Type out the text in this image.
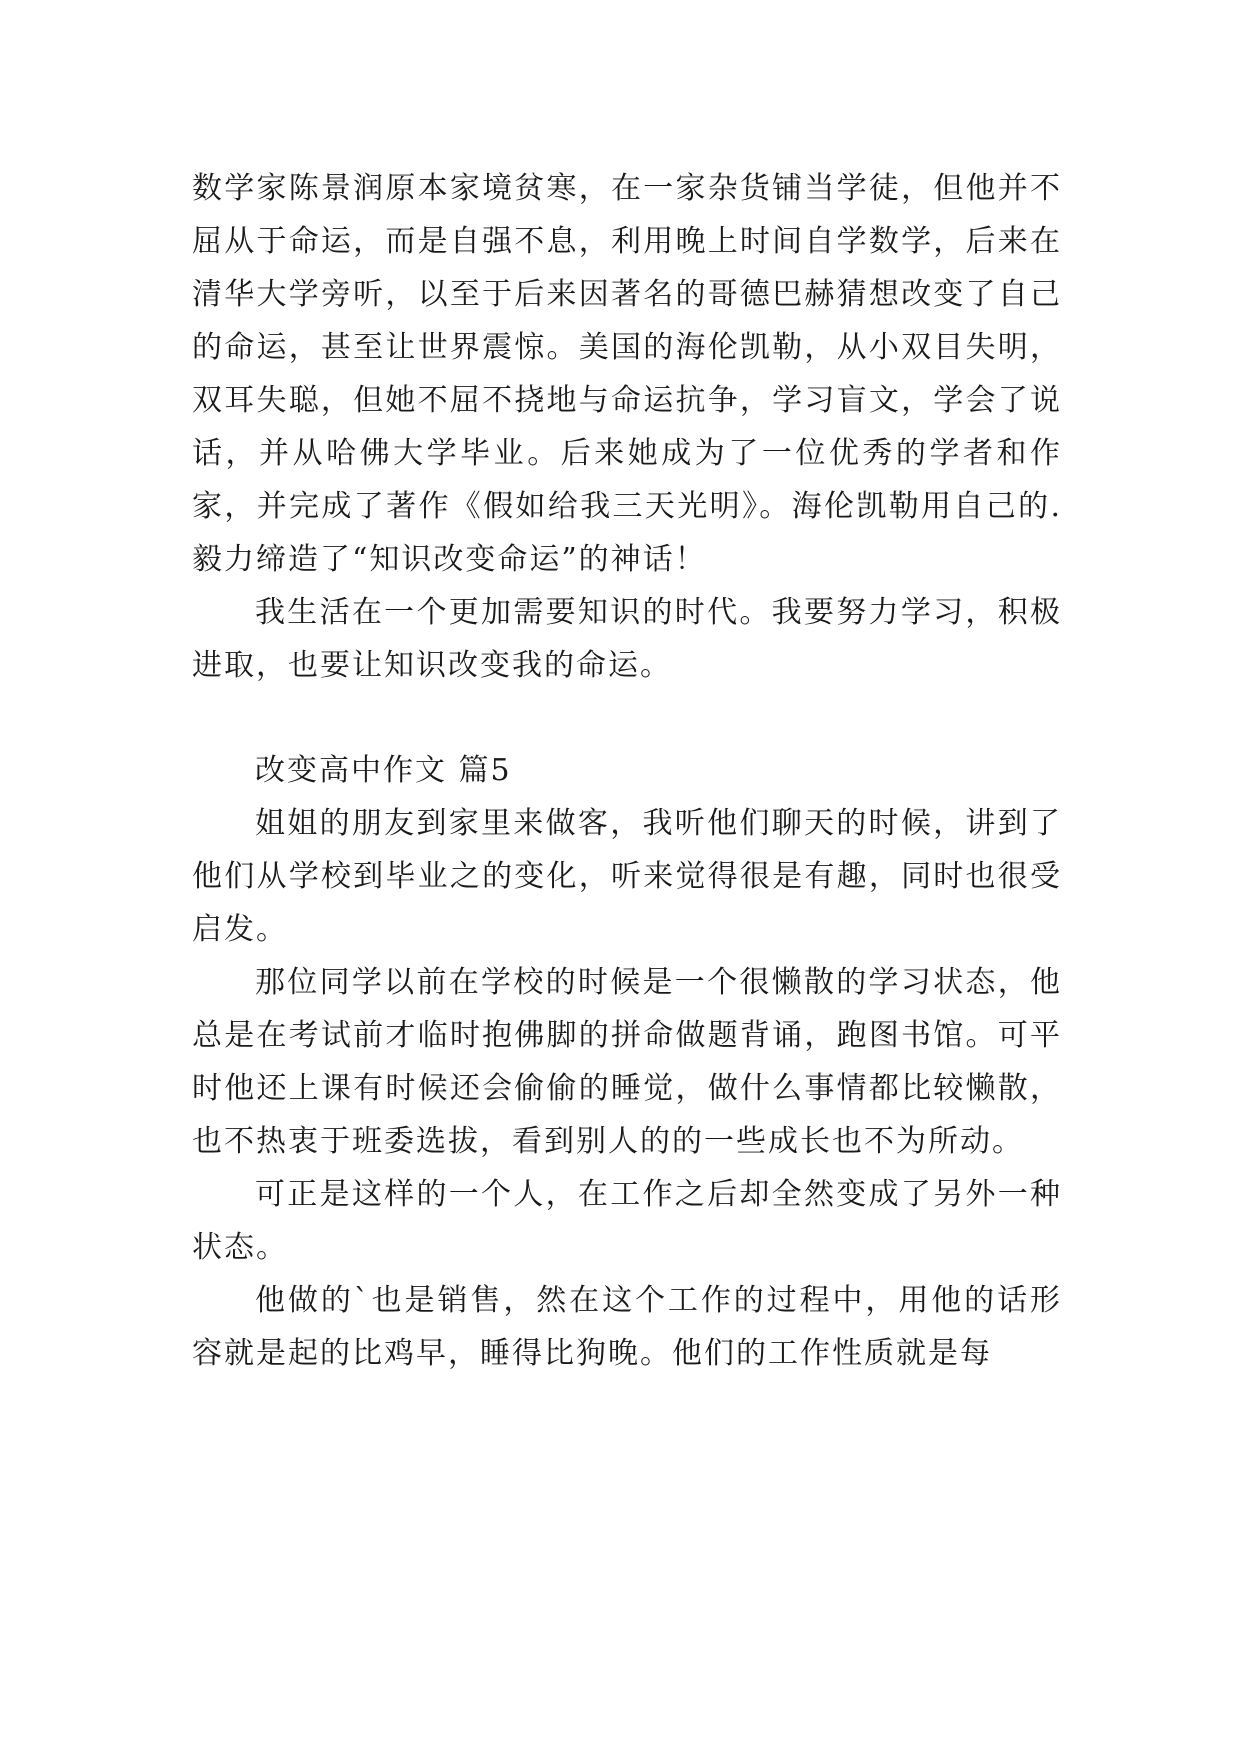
数学家陈景润原本家境贫寒，在一家杂货铺当学徒，但他并不屈从于命运，而是自强不息，利用晚上时间自学数学，后来在清华大学旁听，以至于后来因著名的哥德巴赫猜想改变了自己的命运，甚至让世界震惊。美国的海伦凯勒，从小双目失明，双耳失聪，但她不屈不挠地与命运抗争，学习盲文，学会了说话，并从哈佛大学毕业。后来她成为了一位优秀的学者和作家，并完成了著作《假如给我三天光明》。海伦凯勒用自己的.毅力缔造了“知识改变命运”的神话！

我生活在一个更加需要知识的时代。我要努力学习，积极进取，也要让知识改变我的命运。

改变高中作文 篇5

姐姐的朋友到家里来做客，我听他们聊天的时候，讲到了他们从学校到毕业之的变化，听来觉得很是有趣，同时也很受启发。

那位同学以前在学校的时候是一个很懒散的学习状态，他总是在考试前才临时抱佛脚的拼命做题背诵，跑图书馆。可平时他还上课有时候还会偷偷的睡觉，做什么事情都比较懒散，也不热衷于班委选拔，看到别人的的一些成长也不为所动。

可正是这样的一个人，在工作之后却全然变成了另外一种状态。

他做的`也是销售，然在这个工作的过程中，用他的话形容就是起的比鸡早，睡得比狗晚。他们的工作性质就是每
